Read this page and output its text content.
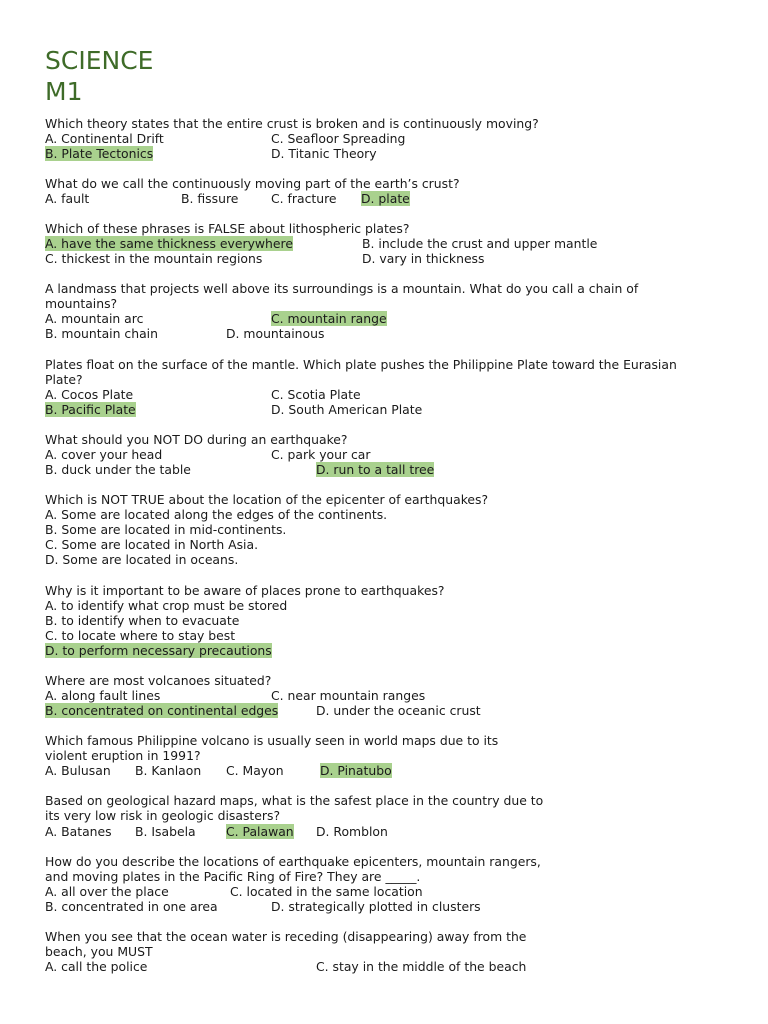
SCIENCE
M1
Which theory states that the entire crust is broken and is continuously moving?
A. Continental Drift	C. Seafloor Spreading
B. Plate Tectonics	D. Titanic Theory
What do we call the continuously moving part of the earth’s crust?
A. fault	B. fissure	C. fracture D. plate
Which of these phrases is FALSE about lithospheric plates?
A. have the same thickness everywhere	B. include the crust and upper mantle
C. thickest in the mountain regions	D. vary in thickness
A landmass that projects well above its surroundings is a mountain. What do you call a chain of
mountains?
A. mountain arc	C. mountain range
B. mountain chain	D. mountainous
Plates float on the surface of the mantle. Which plate pushes the Philippine Plate toward the Eurasian
Plate?
A. Cocos Plate	C. Scotia Plate
B. Pacific Plate	D. South American Plate
What should you NOT DO during an earthquake?
A. cover your head	C. park your car
B. duck under the table	D. run to a tall tree
Which is NOT TRUE about the location of the epicenter of earthquakes?
A. Some are located along the edges of the continents.
B. Some are located in mid-continents.
C. Some are located in North Asia.
D. Some are located in oceans.
Why is it important to be aware of places prone to earthquakes?
A. to identify what crop must be stored
B. to identify when to evacuate
C. to locate where to stay best
D. to perform necessary precautions
Where are most volcanoes situated?
A. along fault lines	C. near mountain ranges
B. concentrated on continental edges	D. under the oceanic crust
Which famous Philippine volcano is usually seen in world maps due to its
violent eruption in 1991?
A. Bulusan B. Kanlaon C. Mayon	D. Pinatubo
Based on geological hazard maps, what is the safest place in the country due to
its very low risk in geologic disasters?
A. Batanes B. Isabela C. Palawan D. Romblon
How do you describe the locations of earthquake epicenters, mountain rangers,
and moving plates in the Pacific Ring of Fire? They are _____.
A. all over the place	C. located in the same location
B. concentrated in one area	D. strategically plotted in clusters
When you see that the ocean water is receding (disappearing) away from the
beach, you MUST
A. call the police	C. stay in the middle of the beach
